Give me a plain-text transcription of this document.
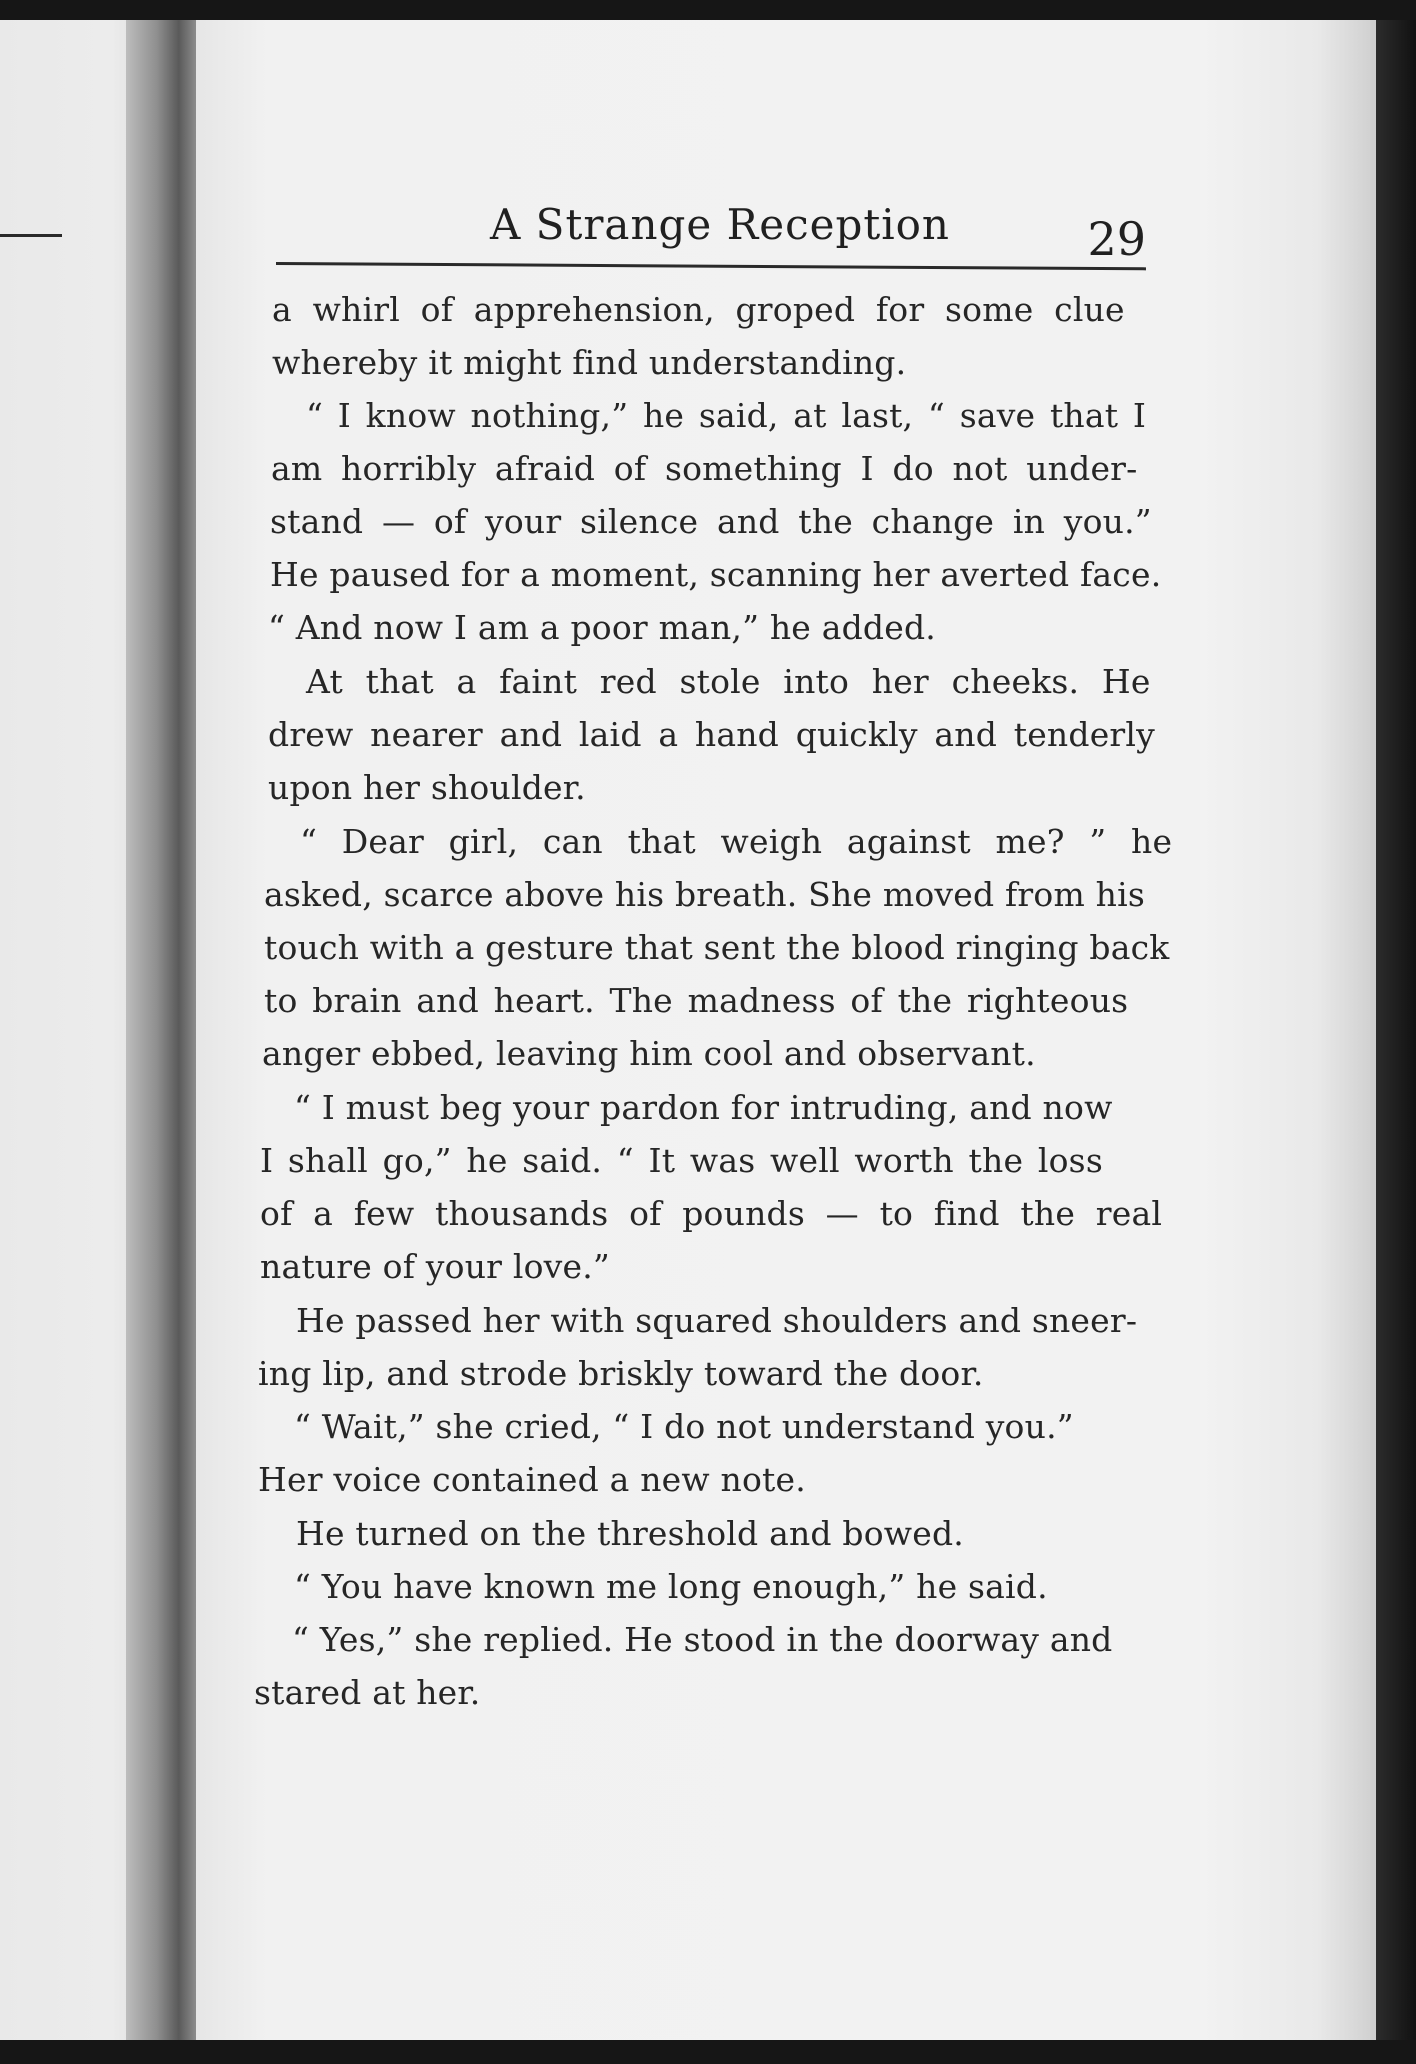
A Strange Reception	29
a whirl of apprehension, groped for some clue
whereby it might find understanding.
“ I know nothing,” he said, at last, “ save that I
am horribly afraid of something I do not under-
stand — of your silence and the change in you.”
He paused for a moment, scanning her averted face.
“ And now I am a poor man,” he added.
At that a faint red stole into her cheeks. He
drew nearer and laid a hand quickly and tenderly
upon her shoulder.
“ Dear girl, can that weigh against me? ” he
asked, scarce above his breath. She moved from his
touch with a gesture that sent the blood ringing back
to brain and heart. The madness of the righteous
anger ebbed, leaving him cool and observant.
“ I must beg your pardon for intruding, and now
I shall go,” he said. “ It was well worth the loss
of a few thousands of pounds — to find the real
nature of your love.”
He passed her with squared shoulders and sneer-
ing lip, and strode briskly toward the door.
“ Wait,” she cried, “ I do not understand you.”
Her voice contained a new note.
He turned on the threshold and bowed.
“ You have known me long enough,” he said.
“ Yes,” she replied. He stood in the doorway and
stared at her.
